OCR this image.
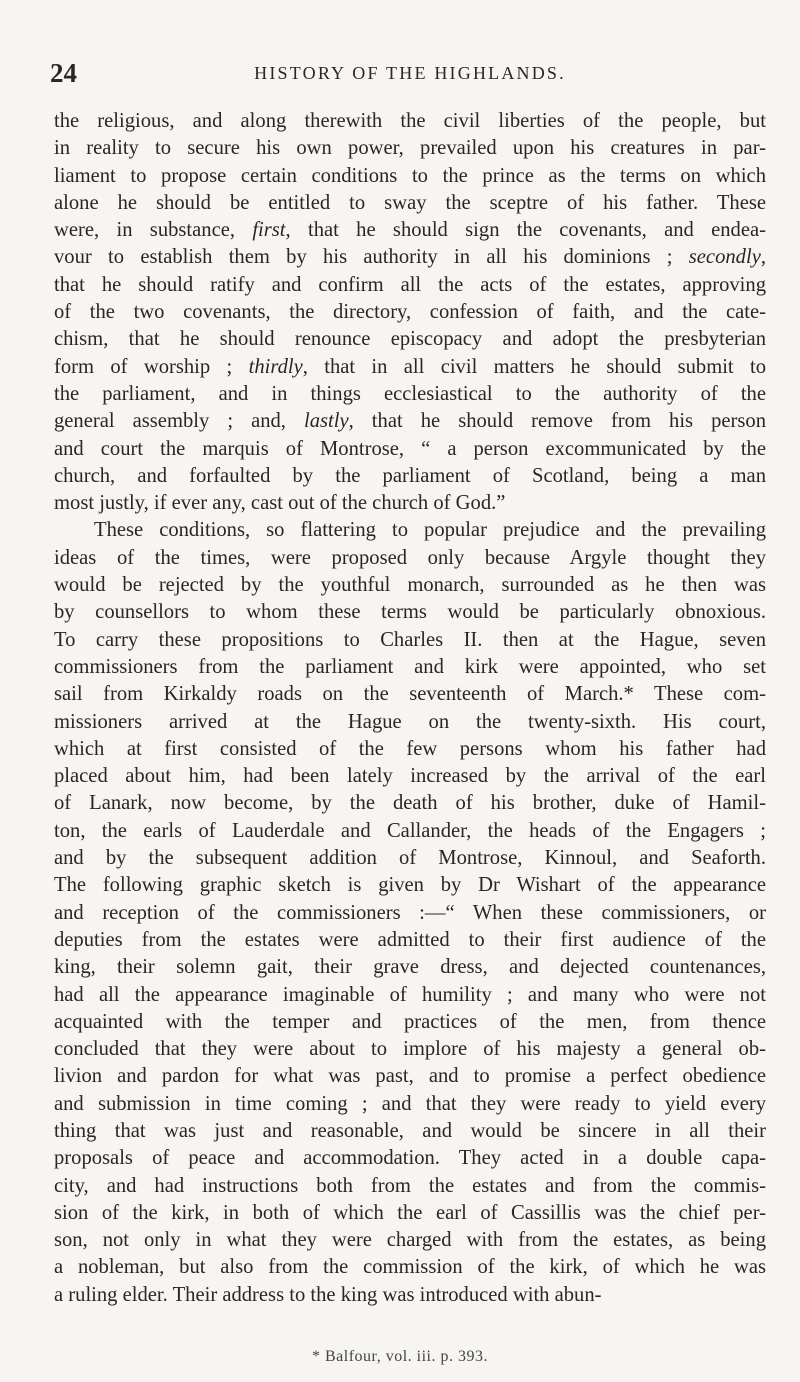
24	HISTORY OF THE HIGHLANDS.
the religious, and along therewith the civil liberties of the people, but
in reality to secure his own power, prevailed upon his creatures in par-
liament to propose certain conditions to the prince as the terms on which
alone he should be entitled to sway the sceptre of his father. These
were, in substance, first, that he should sign the covenants, and endea-
vour to establish them by his authority in all his dominions ; secondly,
that he should ratify and confirm all the acts of the estates, approving
of the two covenants, the directory, confession of faith, and the cate-
chism, that he should renounce episcopacy and adopt the presbyterian
form of worship ; thirdly, that in all civil matters he should submit to
the parliament, and in things ecclesiastical to the authority of the
general assembly ; and, lastly, that he should remove from his person
and court the marquis of Montrose, “ a person excommunicated by the
church, and forfaulted by the parliament of Scotland, being a man
most justly, if ever any, cast out of the church of God.”
These conditions, so flattering to popular prejudice and the prevailing
ideas of the times, were proposed only because Argyle thought they
would be rejected by the youthful monarch, surrounded as he then was
by counsellors to whom these terms would be particularly obnoxious.
To carry these propositions to Charles II. then at the Hague, seven
commissioners from the parliament and kirk were appointed, who set
sail from Kirkaldy roads on the seventeenth of March.* These com-
missioners arrived at the Hague on the twenty-sixth. His court,
which at first consisted of the few persons whom his father had
placed about him, had been lately increased by the arrival of the earl
of Lanark, now become, by the death of his brother, duke of Hamil-
ton, the earls of Lauderdale and Callander, the heads of the Engagers ;
and by the subsequent addition of Montrose, Kinnoul, and Seaforth.
The following graphic sketch is given by Dr Wishart of the appearance
and reception of the commissioners :—“ When these commissioners, or
deputies from the estates were admitted to their first audience of the
king, their solemn gait, their grave dress, and dejected countenances,
had all the appearance imaginable of humility ; and many who were not
acquainted with the temper and practices of the men, from thence
concluded that they were about to implore of his majesty a general ob-
livion and pardon for what was past, and to promise a perfect obedience
and submission in time coming ; and that they were ready to yield every
thing that was just and reasonable, and would be sincere in all their
proposals of peace and accommodation. They acted in a double capa-
city, and had instructions both from the estates and from the commis-
sion of the kirk, in both of which the earl of Cassillis was the chief per-
son, not only in what they were charged with from the estates, as being
a nobleman, but also from the commission of the kirk, of which he was
a ruling elder. Their address to the king was introduced with abun-
* Balfour, vol. iii. p. 393.
